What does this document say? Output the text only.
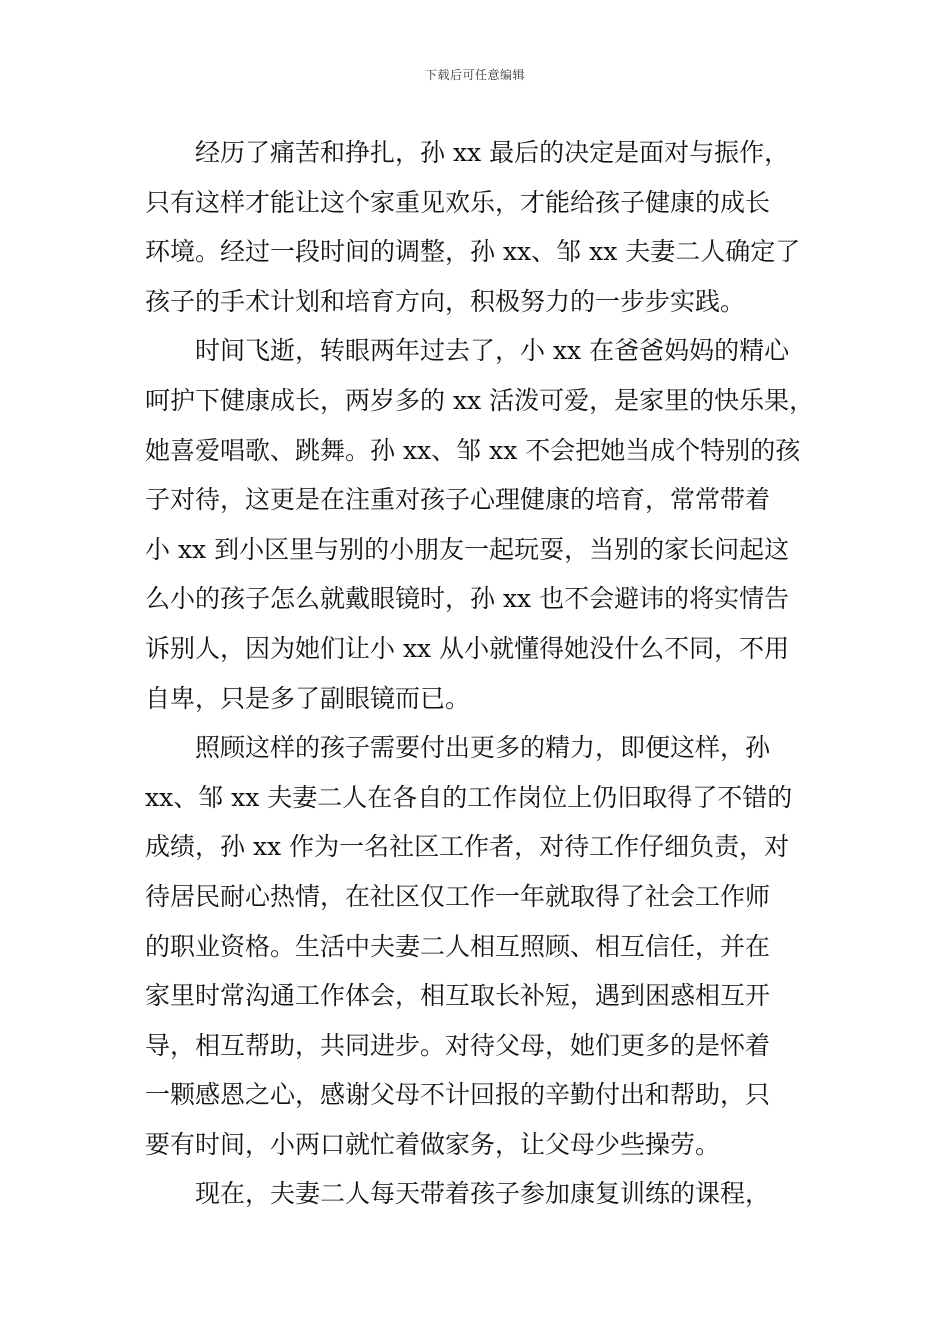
下载后可任意编辑

经历了痛苦和挣扎，孙 xx 最后的决定是面对与振作，
只有这样才能让这个家重见欢乐，才能给孩子健康的成长
环境。经过一段时间的调整，孙 xx、邹 xx 夫妻二人确定了
孩子的手术计划和培育方向，积极努力的一步步实践。

时间飞逝，转眼两年过去了，小 xx 在爸爸妈妈的精心
呵护下健康成长，两岁多的 xx 活泼可爱，是家里的快乐果，
她喜爱唱歌、跳舞。孙 xx、邹 xx 不会把她当成个特别的孩
子对待，这更是在注重对孩子心理健康的培育，常常带着
小 xx 到小区里与别的小朋友一起玩耍，当别的家长问起这
么小的孩子怎么就戴眼镜时，孙 xx 也不会避讳的将实情告
诉别人，因为她们让小 xx 从小就懂得她没什么不同，不用
自卑，只是多了副眼镜而已。

照顾这样的孩子需要付出更多的精力，即便这样，孙
xx、邹 xx 夫妻二人在各自的工作岗位上仍旧取得了不错的
成绩，孙 xx 作为一名社区工作者，对待工作仔细负责，对
待居民耐心热情，在社区仅工作一年就取得了社会工作师
的职业资格。生活中夫妻二人相互照顾、相互信任，并在
家里时常沟通工作体会，相互取长补短，遇到困惑相互开
导，相互帮助，共同进步。对待父母，她们更多的是怀着
一颗感恩之心，感谢父母不计回报的辛勤付出和帮助，只
要有时间，小两口就忙着做家务，让父母少些操劳。

现在，夫妻二人每天带着孩子参加康复训练的课程，
